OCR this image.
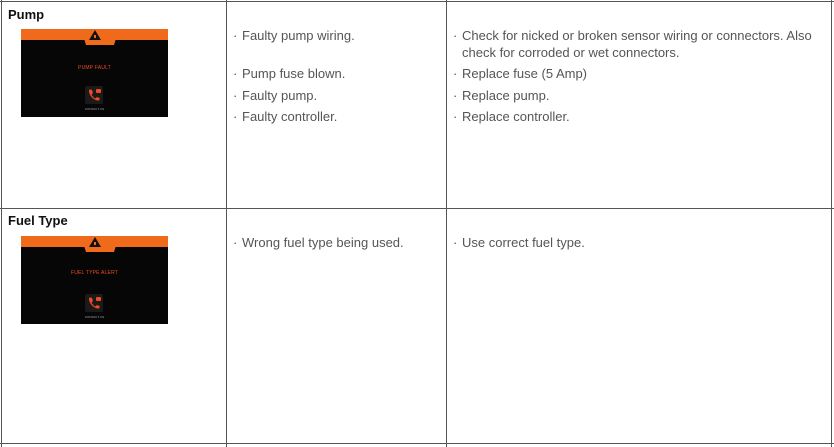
Pump
PUMP FAULT
CONTACT US
· Faulty pump wiring.
· Pump fuse blown.
· Faulty pump.
· Faulty controller.
· Check for nicked or broken sensor wiring or connectors. Also check for corroded or wet connectors.
· Replace fuse (5 Amp)
· Replace pump.
· Replace controller.
Fuel Type
FUEL TYPE ALERT
CONTACT US
· Wrong fuel type being used.
·	Use correct fuel type.
